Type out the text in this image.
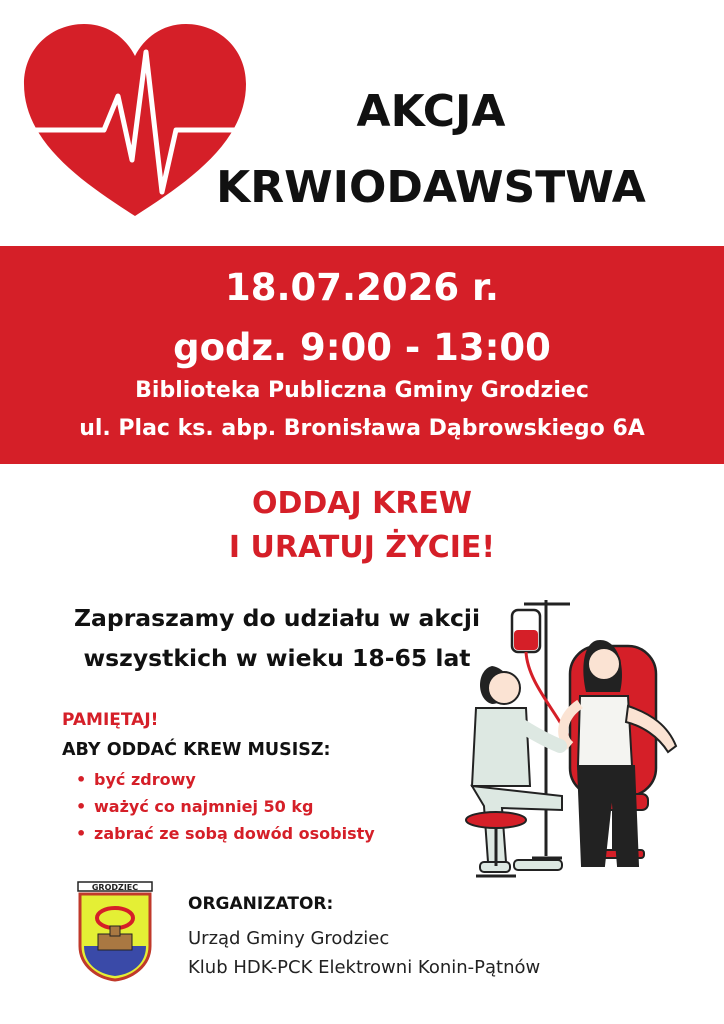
AKCJA
KRWIODAWSTWA
18.07.2026 r.
godz. 9:00 - 13:00
Biblioteka Publiczna Gminy Grodziec
ul. Plac ks. abp. Bronisława Dąbrowskiego 6A
ODDAJ KREW
I URATUJ ŻYCIE!
Zapraszamy do udziału w akcji
wszystkich w wieku 18-65 lat
PAMIĘTAJ!
ABY ODDAĆ KREW MUSISZ:
• być zdrowy
• ważyć co najmniej 50 kg
• zabrać ze sobą dowód osobisty
GRODZIEC
ORGANIZATOR:
Urząd Gminy Grodziec
Klub HDK-PCK Elektrowni Konin-Pątnów
